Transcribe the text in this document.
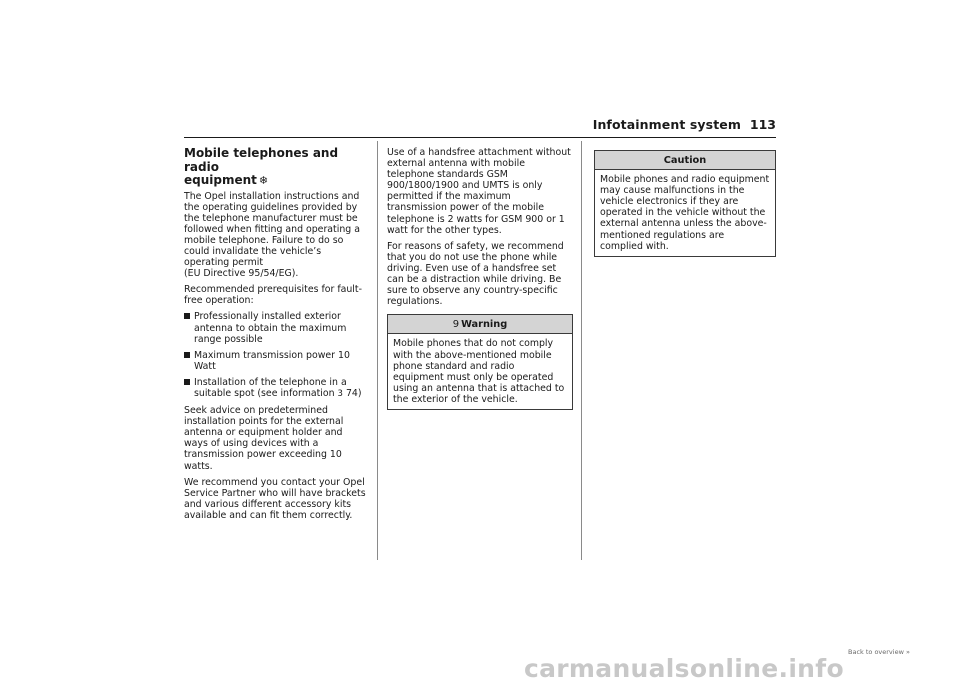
Infotainment system 113
Mobile telephones and radio
equipment ❄

The Opel installation instructions and the operating guidelines provided by the telephone manufacturer must be followed when fitting and operating a mobile telephone. Failure to do so could invalidate the vehicle’s operating permit
(EU Directive 95/54/EG).

Recommended prerequisites for fault-free operation:

Professionally installed exterior antenna to obtain the maximum range possible
Maximum transmission power 10 Watt
Installation of the telephone in a suitable spot (see information 3 74)

Seek advice on predetermined installation points for the external antenna or equipment holder and ways of using devices with a transmission power exceeding 10 watts.

We recommend you contact your Opel Service Partner who will have brackets and various different accessory kits available and can fit them correctly.

Use of a handsfree attachment without external antenna with mobile telephone standards GSM 900/1800/1900 and UMTS is only permitted if the maximum transmission power of the mobile telephone is 2 watts for GSM 900 or 1 watt for the other types.

For reasons of safety, we recommend that you do not use the phone while driving. Even use of a handsfree set can be a distraction while driving. Be sure to observe any country-specific regulations.

9 Warning
Mobile phones that do not comply with the above-mentioned mobile phone standard and radio equipment must only be operated using an antenna that is attached to the exterior of the vehicle.
Caution
Mobile phones and radio equipment may cause malfunctions in the vehicle electronics if they are operated in the vehicle without the external antenna unless the above-mentioned regulations are complied with.
Back to overview »
carmanualsonline.info
